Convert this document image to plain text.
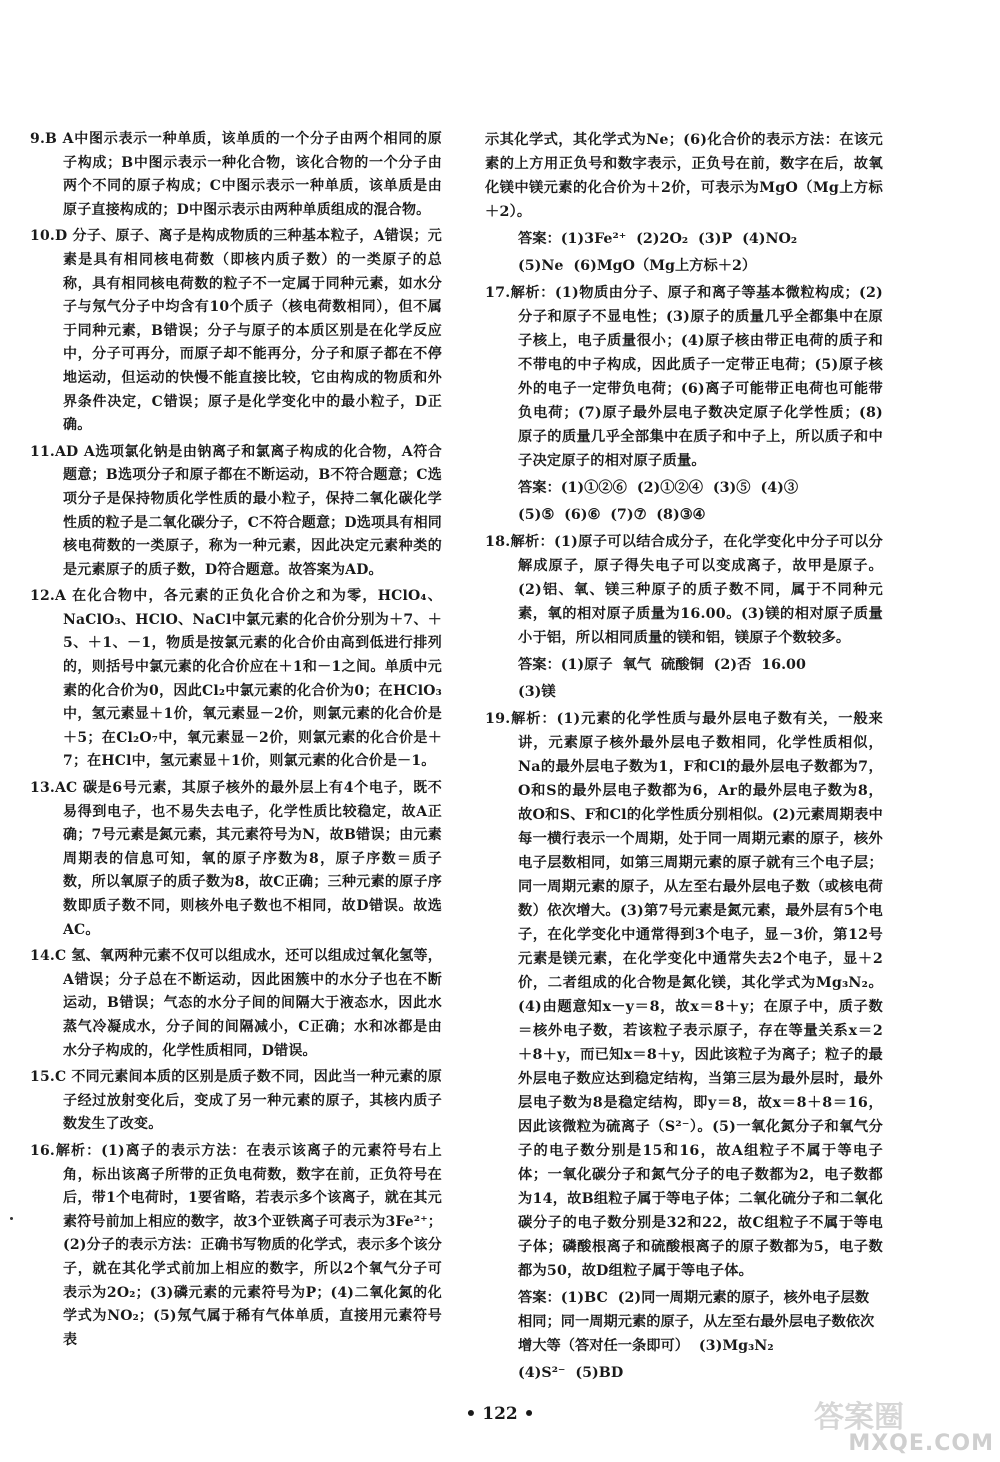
9.B A中图示表示一种单质，该单质的一个分子由两个相同的原子构成；B中图示表示一种化合物，该化合物的一个分子由两个不同的原子构成；C中图示表示一种单质，该单质是由原子直接构成的；D中图示表示由两种单质组成的混合物。

10.D 分子、原子、离子是构成物质的三种基本粒子，A错误；元素是具有相同核电荷数（即核内质子数）的一类原子的总称，具有相同核电荷数的粒子不一定属于同种元素，如水分子与氖气分子中均含有10个质子（核电荷数相同），但不属于同种元素，B错误；分子与原子的本质区别是在化学反应中，分子可再分，而原子却不能再分，分子和原子都在不停地运动，但运动的快慢不能直接比较，它由构成的物质和外界条件决定，C错误；原子是化学变化中的最小粒子，D正确。

11.AD A选项氯化钠是由钠离子和氯离子构成的化合物，A符合题意；B选项分子和原子都在不断运动，B不符合题意；C选项分子是保持物质化学性质的最小粒子，保持二氧化碳化学性质的粒子是二氧化碳分子，C不符合题意；D选项具有相同核电荷数的一类原子，称为一种元素，因此决定元素种类的是元素原子的质子数，D符合题意。故答案为AD。

12.A 在化合物中，各元素的正负化合价之和为零，HClO₄、NaClO₃、HClO、NaCl中氯元素的化合价分别为＋7、＋5、＋1、－1，物质是按氯元素的化合价由高到低进行排列的，则括号中氯元素的化合价应在＋1和－1之间。单质中元素的化合价为0，因此Cl₂中氯元素的化合价为0；在HClO₃中，氢元素显＋1价，氧元素显－2价，则氯元素的化合价是＋5；在Cl₂O₇中，氧元素显－2价，则氯元素的化合价是＋7；在HCl中，氢元素显＋1价，则氯元素的化合价是－1。

13.AC 碳是6号元素，其原子核外的最外层上有4个电子，既不易得到电子，也不易失去电子，化学性质比较稳定，故A正确；7号元素是氮元素，其元素符号为N，故B错误；由元素周期表的信息可知，氧的原子序数为8，原子序数＝质子数，所以氧原子的质子数为8，故C正确；三种元素的原子序数即质子数不同，则核外电子数也不相同，故D错误。故选AC。

14.C 氢、氧两种元素不仅可以组成水，还可以组成过氧化氢等，A错误；分子总在不断运动，因此困簇中的水分子也在不断运动，B错误；气态的水分子间的间隔大于液态水，因此水蒸气冷凝成水，分子间的间隔减小，C正确；水和冰都是由水分子构成的，化学性质相同，D错误。

15.C 不同元素间本质的区别是质子数不同，因此当一种元素的原子经过放射变化后，变成了另一种元素的原子，其核内质子数发生了改变。

16.解析：(1)离子的表示方法：在表示该离子的元素符号右上角，标出该离子所带的正负电荷数，数字在前，正负符号在后，带1个电荷时，1要省略，若表示多个该离子，就在其元素符号前加上相应的数字，故3个亚铁离子可表示为3Fe²⁺；(2)分子的表示方法：正确书写物质的化学式，表示多个该分子，就在其化学式前加上相应的数字，所以2个氧气分子可表示为2O₂；(3)磷元素的元素符号为P；(4)二氧化氮的化学式为NO₂；(5)氖气属于稀有气体单质，直接用元素符号表

示其化学式，其化学式为Ne；(6)化合价的表示方法：在该元素的上方用正负号和数字表示，正负号在前，数字在后，故氧化镁中镁元素的化合价为＋2价，可表示为MgO（Mg上方标＋2）。

答案：(1)3Fe²⁺  (2)2O₂  (3)P  (4)NO₂

(5)Ne  (6)MgO（Mg上方标＋2）

17.解析：(1)物质由分子、原子和离子等基本微粒构成；(2)分子和原子不显电性；(3)原子的质量几乎全都集中在原子核上，电子质量很小；(4)原子核由带正电荷的质子和不带电的中子构成，因此质子一定带正电荷；(5)原子核外的电子一定带负电荷；(6)离子可能带正电荷也可能带负电荷；(7)原子最外层电子数决定原子化学性质；(8)原子的质量几乎全部集中在质子和中子上，所以质子和中子决定原子的相对原子质量。

答案：(1)①②⑥  (2)①②④  (3)⑤  (4)③

(5)⑤  (6)⑥  (7)⑦  (8)③④

18.解析：(1)原子可以结合成分子，在化学变化中分子可以分解成原子，原子得失电子可以变成离子，故甲是原子。(2)铝、氧、镁三种原子的质子数不同，属于不同种元素，氧的相对原子质量为16.00。(3)镁的相对原子质量小于铝，所以相同质量的镁和铝，镁原子个数较多。

答案：(1)原子  氧气  硫酸铜  (2)否  16.00

(3)镁

19.解析：(1)元素的化学性质与最外层电子数有关，一般来讲，元素原子核外最外层电子数相同，化学性质相似，Na的最外层电子数为1，F和Cl的最外层电子数都为7，O和S的最外层电子数都为6，Ar的最外层电子数为8，故O和S、F和Cl的化学性质分别相似。(2)元素周期表中每一横行表示一个周期，处于同一周期元素的原子，核外电子层数相同，如第三周期元素的原子就有三个电子层；同一周期元素的原子，从左至右最外层电子数（或核电荷数）依次增大。(3)第7号元素是氮元素，最外层有5个电子，在化学变化中通常得到3个电子，显－3价，第12号元素是镁元素，在化学变化中通常失去2个电子，显＋2价，二者组成的化合物是氮化镁，其化学式为Mg₃N₂。(4)由题意知x－y＝8，故x＝8＋y；在原子中，质子数＝核外电子数，若该粒子表示原子，存在等量关系x＝2＋8＋y，而已知x＝8＋y，因此该粒子为离子；粒子的最外层电子数应达到稳定结构，当第三层为最外层时，最外层电子数为8是稳定结构，即y＝8，故x＝8＋8＝16，因此该微粒为硫离子（S²⁻）。(5)一氧化氮分子和氧气分子的电子数分别是15和16，故A组粒子不属于等电子体；一氧化碳分子和氮气分子的电子数都为2，电子数都为14，故B组粒子属于等电子体；二氧化硫分子和二氧化碳分子的电子数分别是32和22，故C组粒子不属于等电子体；磷酸根离子和硫酸根离子的原子数都为5，电子数都为50，故D组粒子属于等电子体。

答案：(1)BC  (2)同一周期元素的原子，核外电子层数相同；同一周期元素的原子，从左至右最外层电子数依次增大等（答对任一条即可）  (3)Mg₃N₂

(4)S²⁻  (5)BD

• 122 •	答案圈
MXQE.COM
